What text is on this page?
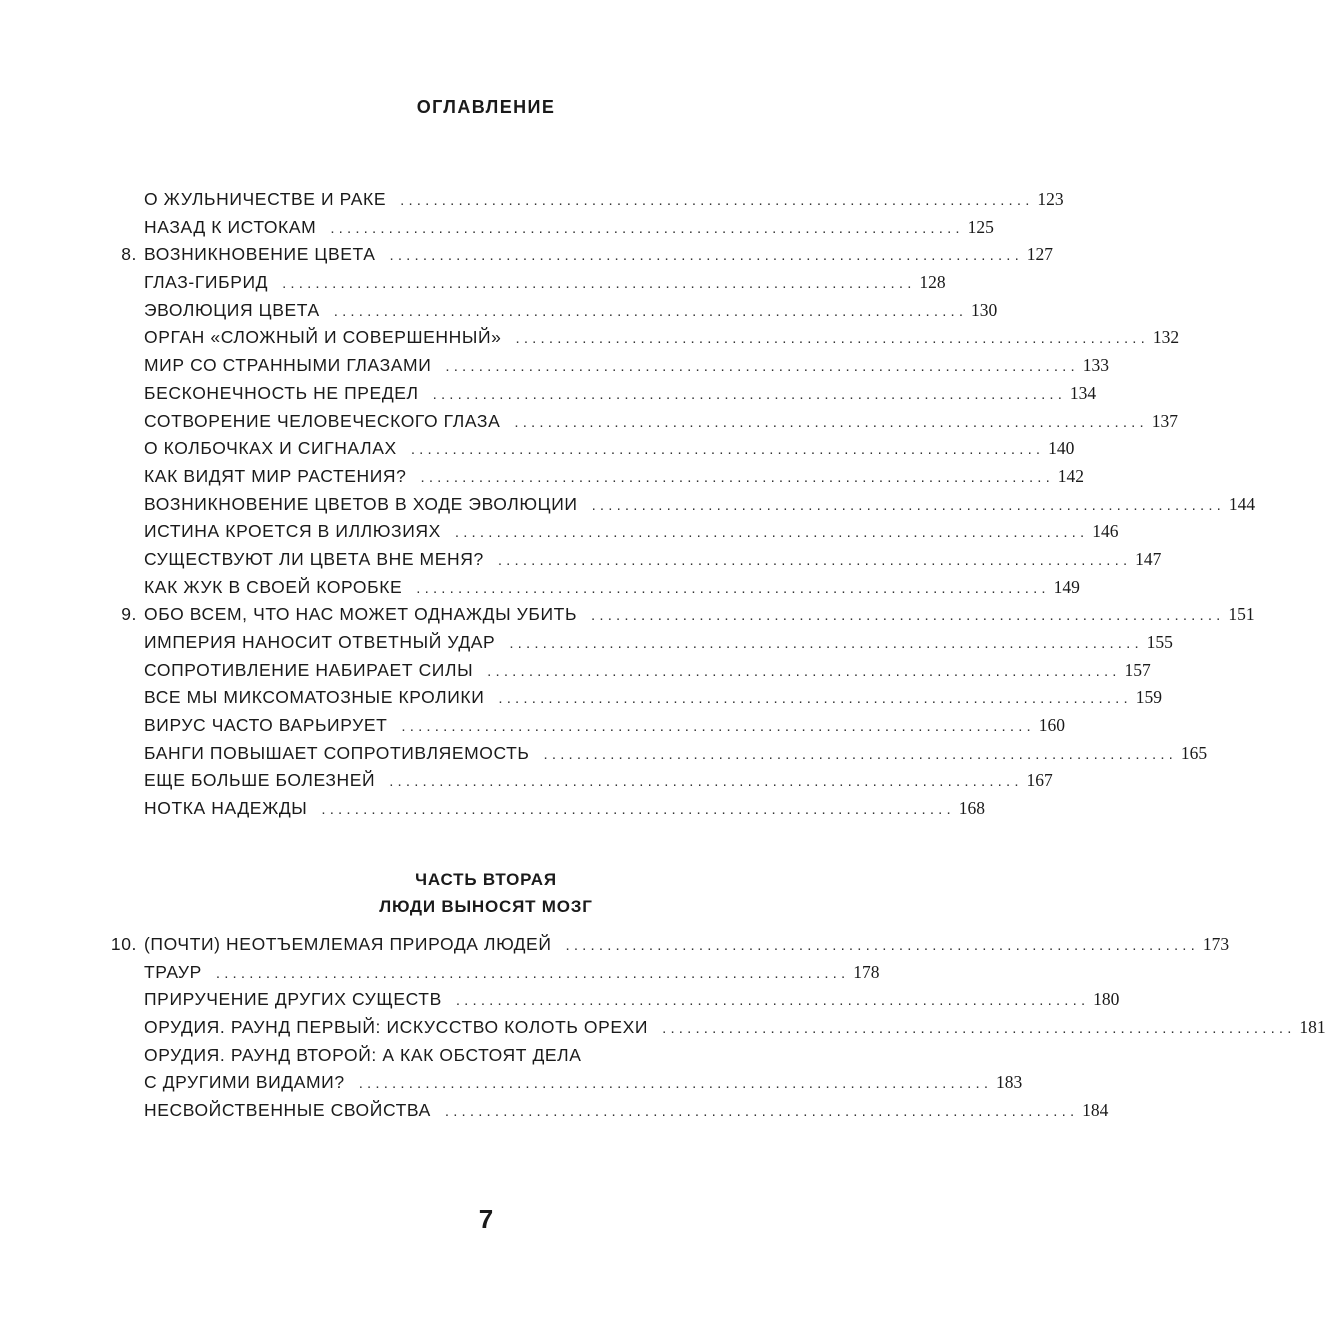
ОГЛАВЛЕНИЕ
О ЖУЛЬНИЧЕСТВЕ И РАКЕ . . .	123
НАЗАД К ИСТОКАМ . . .	125
8. ВОЗНИКНОВЕНИЕ ЦВЕТА . . .	127
ГЛАЗ-ГИБРИД . . .	128
ЭВОЛЮЦИЯ ЦВЕТА . . .	130
ОРГАН «СЛОЖНЫЙ И СОВЕРШЕННЫЙ» . . .	132
МИР СО СТРАННЫМИ ГЛАЗАМИ . . .	133
БЕСКОНЕЧНОСТЬ НЕ ПРЕДЕЛ . . .	134
СОТВОРЕНИЕ ЧЕЛОВЕЧЕСКОГО ГЛАЗА . . .	137
О КОЛБОЧКАХ И СИГНАЛАХ . . .	140
КАК ВИДЯТ МИР РАСТЕНИЯ? . . .	142
ВОЗНИКНОВЕНИЕ ЦВЕТОВ В ХОДЕ ЭВОЛЮЦИИ . . .	144
ИСТИНА КРОЕТСЯ В ИЛЛЮЗИЯХ . . .	146
СУЩЕСТВУЮТ ЛИ ЦВЕТА ВНЕ МЕНЯ? . . .	147
КАК ЖУК В СВОЕЙ КОРОБКЕ . . .	149
9. ОБО ВСЕМ, ЧТО НАС МОЖЕТ ОДНАЖДЫ УБИТЬ . . .	151
ИМПЕРИЯ НАНОСИТ ОТВЕТНЫЙ УДАР . . .	155
СОПРОТИВЛЕНИЕ НАБИРАЕТ СИЛЫ . . .	157
ВСЕ МЫ МИКСОМАТОЗНЫЕ КРОЛИКИ . . .	159
ВИРУС ЧАСТО ВАРЬИРУЕТ . . .	160
БАНГИ ПОВЫШАЕТ СОПРОТИВЛЯЕМОСТЬ . . .	165
ЕЩЕ БОЛЬШЕ БОЛЕЗНЕЙ . . .	167
НОТКА НАДЕЖДЫ . . .	168
ЧАСТЬ ВТОРАЯ
ЛЮДИ ВЫНОСЯТ МОЗГ
10. (ПОЧТИ) НЕОТЪЕМЛЕМАЯ ПРИРОДА ЛЮДЕЙ . . .	173
ТРАУР . . .	178
ПРИРУЧЕНИЕ ДРУГИХ СУЩЕСТВ . . .	180
ОРУДИЯ. РАУНД ПЕРВЫЙ: ИСКУССТВО КОЛОТЬ ОРЕХИ . . .	181
ОРУДИЯ. РАУНД ВТОРОЙ: А КАК ОБСТОЯТ ДЕЛА
С ДРУГИМИ ВИДАМИ? . . .	183
НЕСВОЙСТВЕННЫЕ СВОЙСТВА . . .	184
7
